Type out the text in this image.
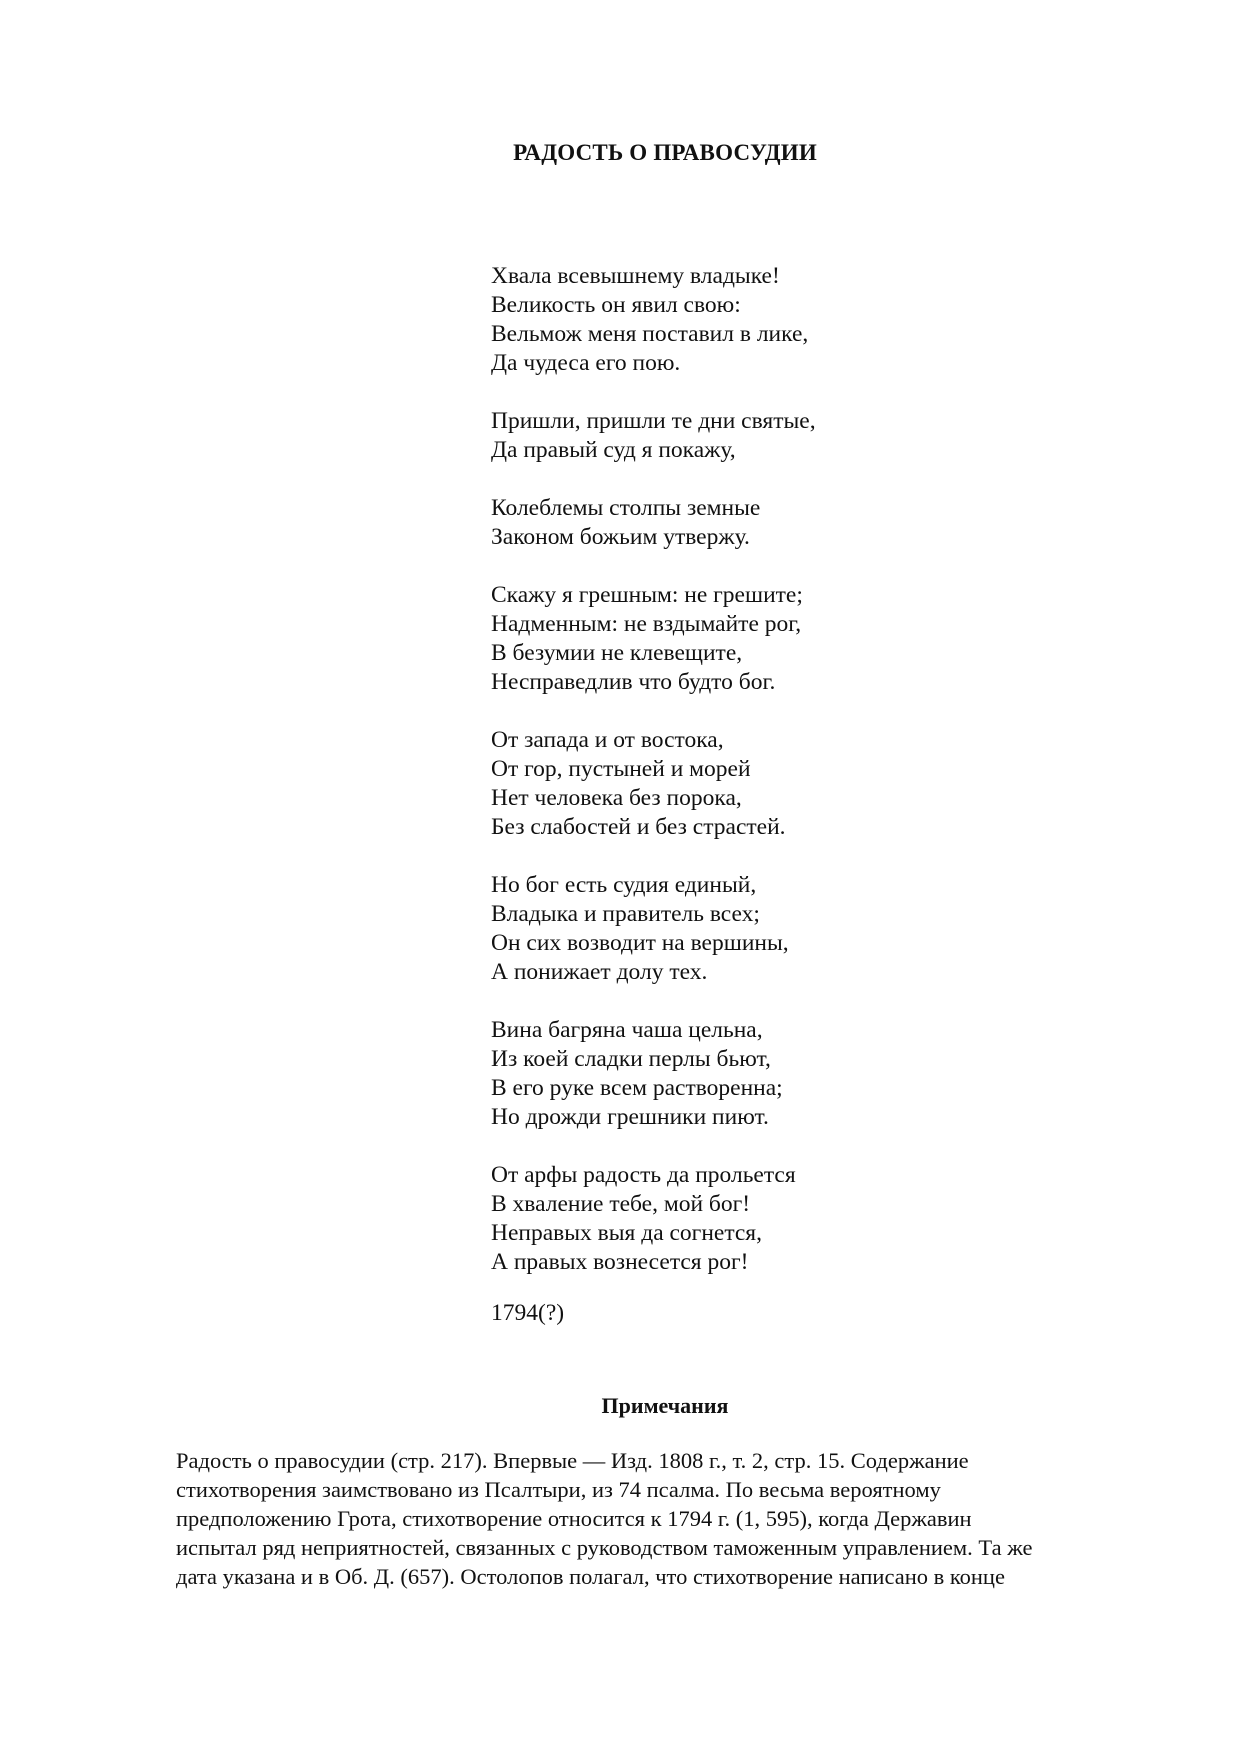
РАДОСТЬ О ПРАВОСУДИИ
Хвала всевышнему владыке!
Великость он явил свою:
Вельмож меня поставил в лике,
Да чудеса его пою.
Пришли, пришли те дни святые,
Да правый суд я покажу,
Колеблемы столпы земные
Законом божьим утвержу.
Скажу я грешным: не грешите;
Надменным: не вздымайте рог,
В безумии не клевещите,
Несправедлив что будто бог.
От запада и от востока,
От гор, пустыней и морей
Нет человека без порока,
Без слабостей и без страстей.
Но бог есть судия единый,
Владыка и правитель всех;
Он сих возводит на вершины,
А понижает долу тех.
Вина багряна чаша цельна,
Из коей сладки перлы бьют,
В его руке всем растворенна;
Но дрожди грешники пиют.
От арфы радость да прольется
В хваление тебе, мой бог!
Неправых выя да согнется,
А правых вознесется рог!
1794(?)
Примечания
Радость о правосудии (стр. 217). Впервые — Изд. 1808 г., т. 2, стр. 15. Содержание
стихотворения заимствовано из Псалтыри, из 74 псалма. По весьма вероятному
предположению Грота, стихотворение относится к 1794 г. (1, 595), когда Державин
испытал ряд неприятностей, связанных с руководством таможенным управлением. Та же
дата указана и в Об. Д. (657). Остолопов полагал, что стихотворение написано в конце
